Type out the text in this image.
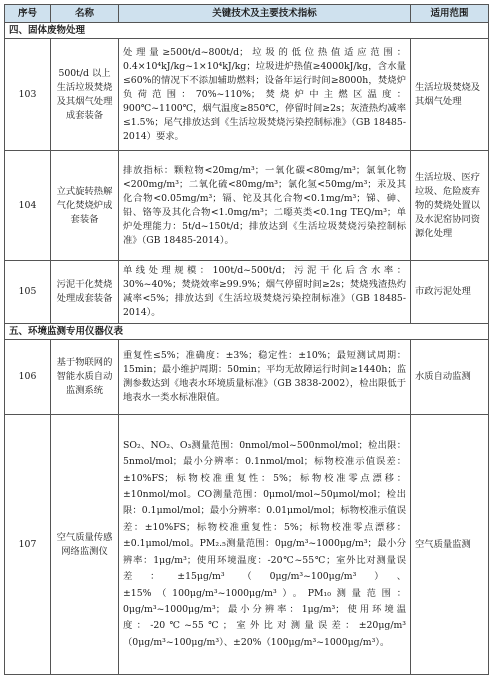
序号	名称	关键技术及主要技术指标	适用范围
四、固体废物处理			
103	500t/d 以上生活垃圾焚烧及其烟气处理成套装备	处理量≥500t/d~800t/d；垃圾的低位热值适应范围：0.4×10⁴kJ/kg~1×10⁴kJ/kg；垃圾进炉热值≥4000kJ/kg，含水量≤60%的情况下不添加辅助燃料；设备年运行时间≥8000h，焚烧炉负荷范围：70%~110%；焚烧炉中主燃区温度：900℃~1100℃，烟气温度≥850℃，停留时间≥2s；灰渣热灼减率≤1.5%；尾气排放达到《生活垃圾焚烧污染控制标准》（GB 18485-2014）要求。	生活垃圾焚烧及其烟气处理
104	立式旋转热解气化焚烧炉成套装备	排放指标：颗粒物<20mg/m³；一氧化碳<80mg/m³；氯氧化物<200mg/m³；二氧化硫<80mg/m³；氯化氢<50mg/m³；汞及其化合物<0.05mg/m³；镉、铊及其化合物<0.1mg/m³；锑、砷、铅、铬等及其化合物<1.0mg/m³；二噁英类<0.1ng TEQ/m³；单炉处理能力：5t/d~150t/d；排放达到《生活垃圾焚烧污染控制标准》（GB 18485-2014）。	生活垃圾、医疗垃圾、危险废弃物的焚烧处置以及水泥窑协同资源化处理
105	污泥干化焚烧处理成套装备	单线处理规模：100t/d~500t/d；污泥干化后含水率：30%~40%；焚烧效率≥99.9%；烟气停留时间≥2s；焚烧残渣热灼减率<5%；排放达到《生活垃圾焚烧污染控制标准》（GB 18485-2014）。	市政污泥处理
五、环境监测专用仪器仪表			
106	基于物联网的智能水质自动监测系统	重复性≤5%；准确度：±3%；稳定性：±10%；最短测试周期：15min；最小维护周期：50min；平均无故障运行时间≥1440h；监测参数达到《地表水环境质量标准》（GB 3838-2002），检出限低于地表水一类水标准限值。	水质自动监测
107	空气质量传感网络监测仪	SO₂、NO₂、O₃测量范围：0nmol/mol~500nmol/mol；检出限：5nmol/mol；最小分辨率：0.1nmol/mol；标物校准示值误差：±10%FS；标物校准重复性：5%；标物校准零点漂移：±10nmol/mol。CO测量范围：0μmol/mol~50μmol/mol；检出限：0.1μmol/mol；最小分辨率：0.01μmol/mol；标物校准示值误差：±10%FS；标物校准重复性：5%；标物校准零点漂移：±0.1μmol/mol。PM₂.₅测量范围：0μg/m³~1000μg/m³；最小分辨率：1μg/m³；使用环境温度：-20℃~55℃；室外比对测量误差：±15μg/m³（0μg/m³~100μg/m³）、±15%（100μg/m³~1000μg/m³）。PM₁₀测量范围：0μg/m³~1000μg/m³；最小分辨率：1μg/m³；使用环境温度：-20℃~55℃；室外比对测量误差：±20μg/m³（0μg/m³~100μg/m³）、±20%（100μg/m³~1000μg/m³）。	空气质量监测
